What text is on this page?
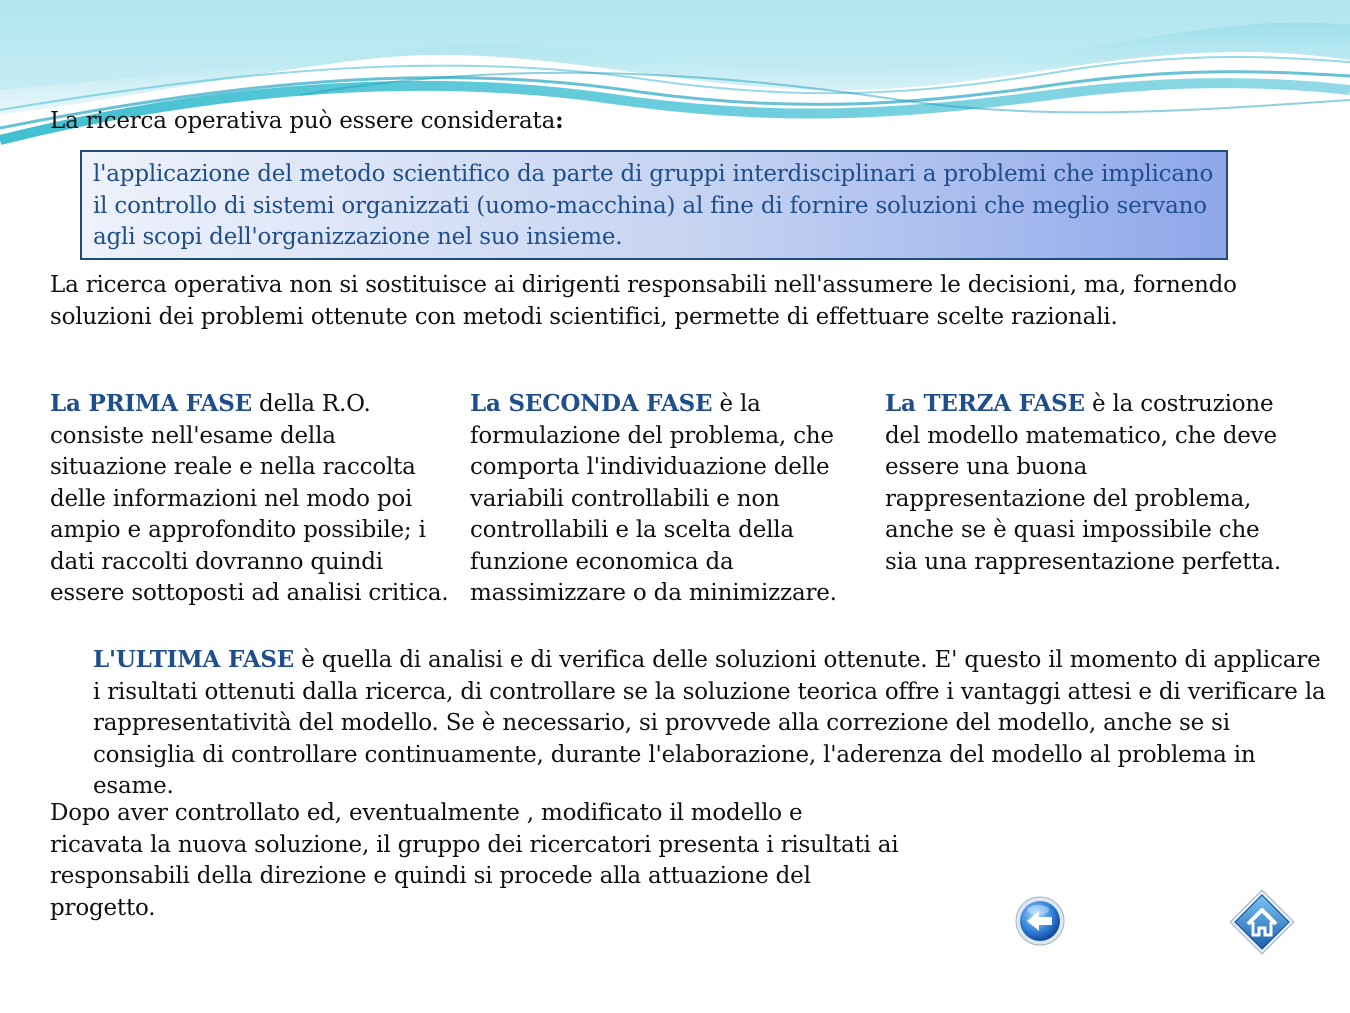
La ricerca operativa può essere considerata:
l'applicazione del metodo scientifico da parte di gruppi interdisciplinari a problemi che implicano il controllo di sistemi organizzati (uomo-macchina) al fine di fornire soluzioni che meglio servano agli scopi dell'organizzazione nel suo insieme.
La ricerca operativa non si sostituisce ai dirigenti responsabili nell'assumere le decisioni, ma, fornendo soluzioni dei problemi ottenute con metodi scientifici, permette di effettuare scelte razionali.
La PRIMA FASE della R.O. consiste nell'esame della situazione reale e nella raccolta delle informazioni nel modo poi ampio e approfondito possibile; i dati raccolti dovranno quindi essere sottoposti ad analisi critica.
La SECONDA FASE è la formulazione del problema, che comporta l'individuazione delle variabili controllabili e non controllabili e la scelta della funzione economica da massimizzare o da minimizzare.
La TERZA FASE è la costruzione del modello matematico, che deve essere una buona rappresentazione del problema, anche se è quasi impossibile che sia una rappresentazione perfetta.
L'ULTIMA FASE è quella di analisi e di verifica delle soluzioni ottenute. E' questo il momento di applicare i risultati ottenuti dalla ricerca, di controllare se la soluzione teorica offre i vantaggi attesi e di verificare la rappresentatività del modello. Se è necessario, si provvede alla correzione del modello, anche se si consiglia di controllare continuamente, durante l'elaborazione, l'aderenza del modello al problema in esame.
Dopo aver controllato ed, eventualmente , modificato il modello e ricavata la nuova soluzione, il gruppo dei ricercatori presenta i risultati ai responsabili della direzione e quindi si procede alla attuazione del progetto.
